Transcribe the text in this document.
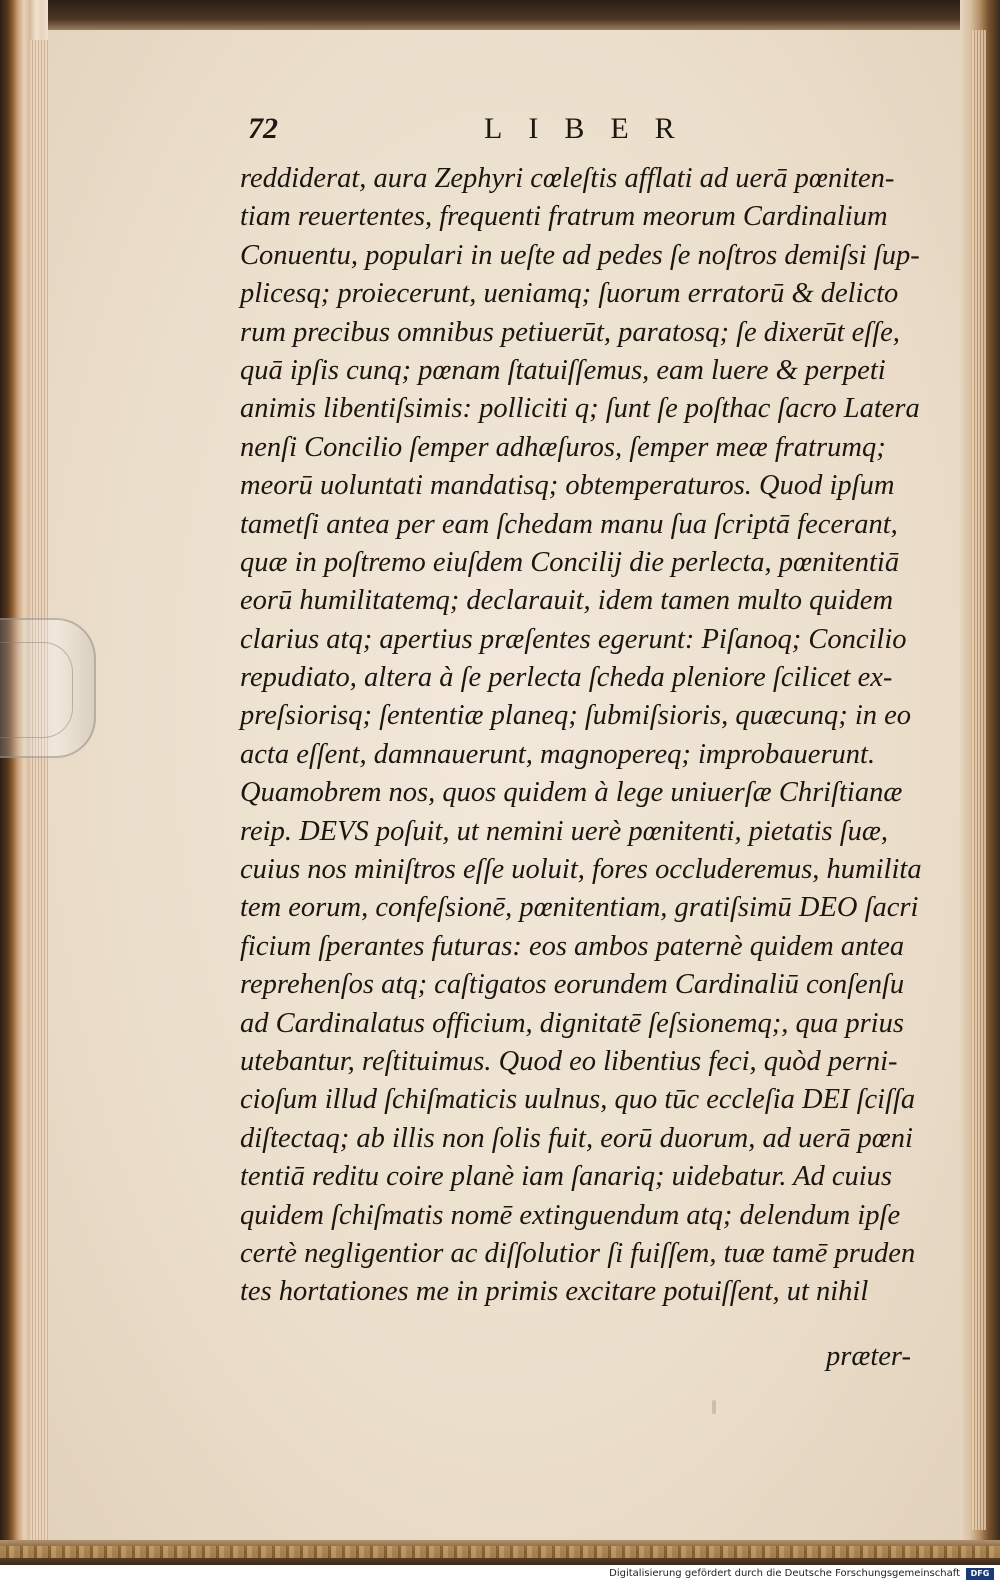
72	LIBER
reddiderat, aura Zephyri cœleſtis afflati ad uerā pœniten-
tiam reuertentes, frequenti fratrum meorum Cardinalium
Conuentu, populari in ueſte ad pedes ſe noſtros demiſsi ſup-
plicesq; proiecerunt, ueniamq; ſuorum erratorū & delicto
rum precibus omnibus petiuerūt, paratosq; ſe dixerūt eſſe,
quā ipſis cunq; pœnam ſtatuiſſemus, eam luere & perpeti
animis libentiſsimis: polliciti q; ſunt ſe poſthac ſacro Latera
nenſi Concilio ſemper adhæſuros, ſemper meæ fratrumq;
meorū uoluntati mandatisq; obtemperaturos. Quod ipſum
tametſi antea per eam ſchedam manu ſua ſcriptā fecerant,
quæ in poſtremo eiuſdem Concilij die perlecta, pœnitentiā
eorū humilitatemq; declarauit, idem tamen multo quidem
clarius atq; apertius præſentes egerunt: Piſanoq; Concilio
repudiato, altera à ſe perlecta ſcheda pleniore ſcilicet ex-
preſsiorisq; ſententiæ planeq; ſubmiſsioris, quæcunq; in eo
acta eſſent, damnauerunt, magnopereq; improbauerunt.
Quamobrem nos, quos quidem à lege uniuerſæ Chriſtianæ
reip. DEVS poſuit, ut nemini uerè pœnitenti, pietatis ſuæ,
cuius nos miniſtros eſſe uoluit, fores occluderemus, humilita
tem eorum, confeſsionē, pœnitentiam, gratiſsimū DEO ſacri
ficium ſperantes futuras: eos ambos paternè quidem antea
reprehenſos atq; caſtigatos eorundem Cardinaliū conſenſu
ad Cardinalatus officium, dignitatē ſeſsionemq;, qua prius
utebantur, reſtituimus. Quod eo libentius feci, quòd perni-
cioſum illud ſchiſmaticis uulnus, quo tūc eccleſia DEI ſciſſa
diſtectaq; ab illis non ſolis fuit, eorū duorum, ad uerā pœni
tentiā reditu coire planè iam ſanariq; uidebatur. Ad cuius
quidem ſchiſmatis nomē extinguendum atq; delendum ipſe
certè negligentior ac diſſolutior ſi fuiſſem, tuæ tamē pruden
tes hortationes me in primis excitare potuiſſent, ut nihil
præter-
Digitalisierung gefördert durch die Deutsche Forschungsgemeinschaft	DFG
